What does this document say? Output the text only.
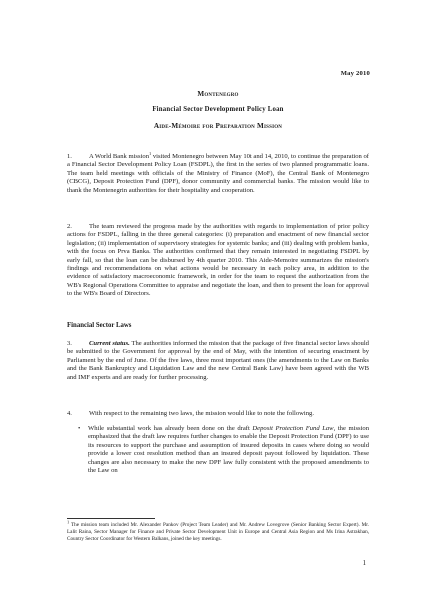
May 2010
Montenegro
Financial Sector Development Policy Loan
Aide-Mémoire for Preparation Mission

1.	A World Bank mission$^1$ visited Montenegro between May 10t and 14, 2010, to continue the preparation of a Financial Sector Development Policy Loan (FSDPL), the first in the series of two planned programmatic loans. The team held meetings with officials of the Ministry of Finance (MoF), the Central Bank of Montenegro (CBCG), Deposit Protection Fund (DPF), donor community and commercial banks. The mission would like to thank the Montenegrin authorities for their hospitality and cooperation.

2.	The team reviewed the progress made by the authorities with regards to implementation of prior policy actions for FSDPL, falling in the three general categories: (i) preparation and enactment of new financial sector legislation; (ii) implementation of supervisory strategies for systemic banks; and (iii) dealing with problem banks, with the focus on Prva Banka. The authorities confirmed that they remain interested in negotiating FSDPL by early fall, so that the loan can be disbursed by 4th quarter 2010. This Aide-Memoire summarizes the mission's findings and recommendations on what actions would be necessary in each policy area, in addition to the evidence of satisfactory macroeconomic framework, in order for the team to request the authorization from the WB's Regional Operations Committee to appraise and negotiate the loan, and then to present the loan for approval to the WB's Board of Directors.

Financial Sector Laws

3.	Current status. The authorities informed the mission that the package of five financial sector laws should be submitted to the Government for approval by the end of May, with the intention of securing enactment by Parliament by the end of June. Of the five laws, three most important ones (the amendments to the Law on Banks and the Bank Bankruptcy and Liquidation Law and the new Central Bank Law) have been agreed with the WB and IMF experts and are ready for further processing.

4.	With respect to the remaining two laws, the mission would like to note the following.

• While substantial work has already been done on the draft Deposit Protection Fund Law, the mission emphasized that the draft law requires further changes to enable the Deposit Protection Fund (DPF) to use its resources to support the purchase and assumption of insured deposits in cases where doing so would provide a lower cost resolution method than an insured deposit payout followed by liquidation. These changes are also necessary to make the new DPF law fully consistent with the proposed amendments to the Law on
$^1$ The mission team included Mr. Alexander Pankov (Project Team Leader) and Mr. Andrew Lovegrove (Senior Banking Sector Expert). Mr. Lalit Raina, Sector Manager for Finance and Private Sector Development Unit in Europe and Central Asia Region and Ms Irina Astrakhan, Country Sector Coordinator for Western Balkans, joined the key meetings.
1
